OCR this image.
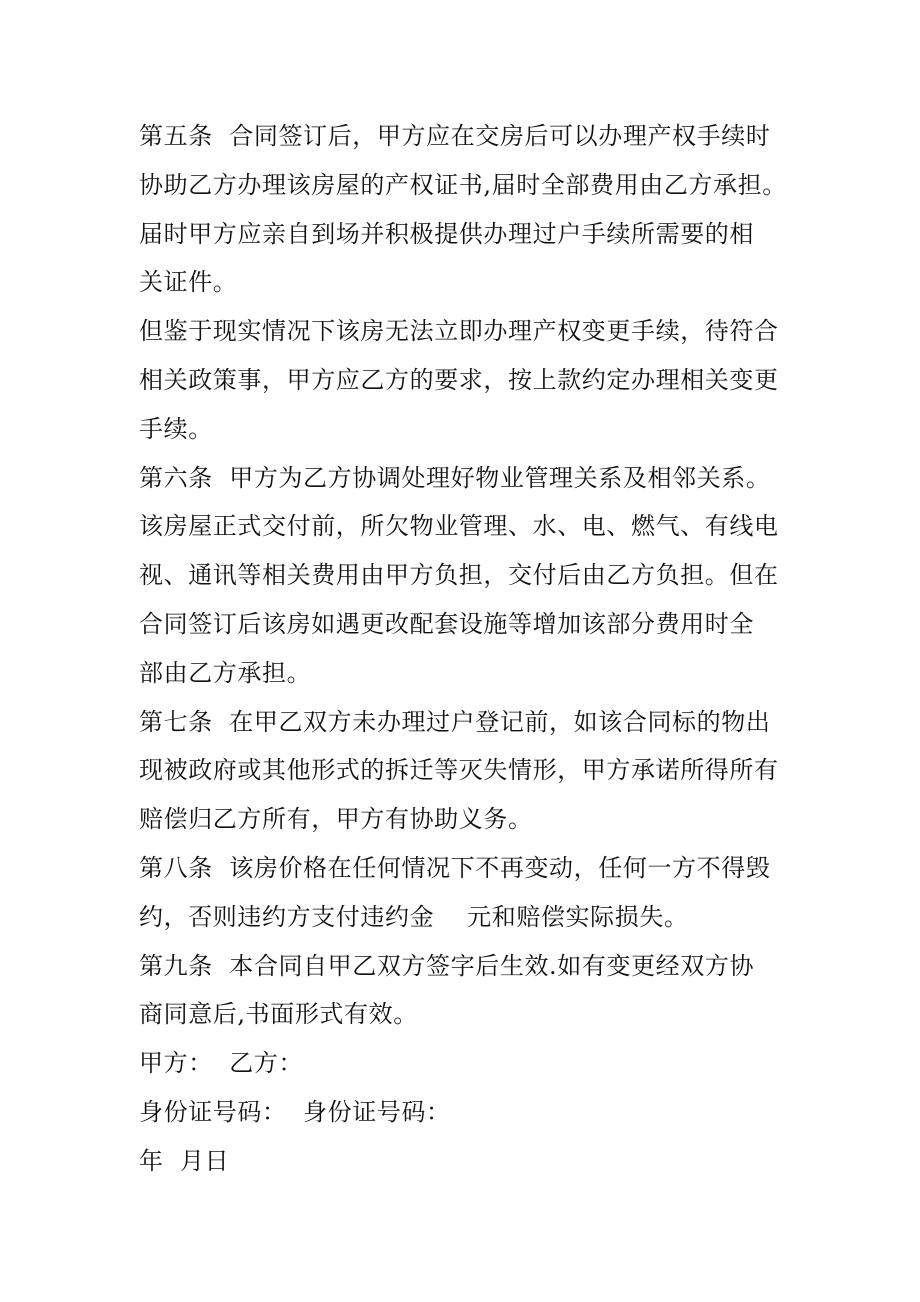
第五条  合同签订后，甲方应在交房后可以办理产权手续时
协助乙方办理该房屋的产权证书,届时全部费用由乙方承担。
届时甲方应亲自到场并积极提供办理过户手续所需要的相
关证件。
但鉴于现实情况下该房无法立即办理产权变更手续，待符合
相关政策事，甲方应乙方的要求，按上款约定办理相关变更
手续。
第六条  甲方为乙方协调处理好物业管理关系及相邻关系。
该房屋正式交付前，所欠物业管理、水、电、燃气、有线电
视、通讯等相关费用由甲方负担，交付后由乙方负担。但在
合同签订后该房如遇更改配套设施等增加该部分费用时全
部由乙方承担。
第七条  在甲乙双方未办理过户登记前，如该合同标的物出
现被政府或其他形式的拆迁等灭失情形，甲方承诺所得所有
赔偿归乙方所有，甲方有协助义务。
第八条  该房价格在任何情况下不再变动，任何一方不得毁
约，否则违约方支付违约金    元和赔偿实际损失。
第九条  本合同自甲乙双方签字后生效.如有变更经双方协
商同意后,书面形式有效。
甲方：  乙方：
身份证号码：  身份证号码：
年  月日
